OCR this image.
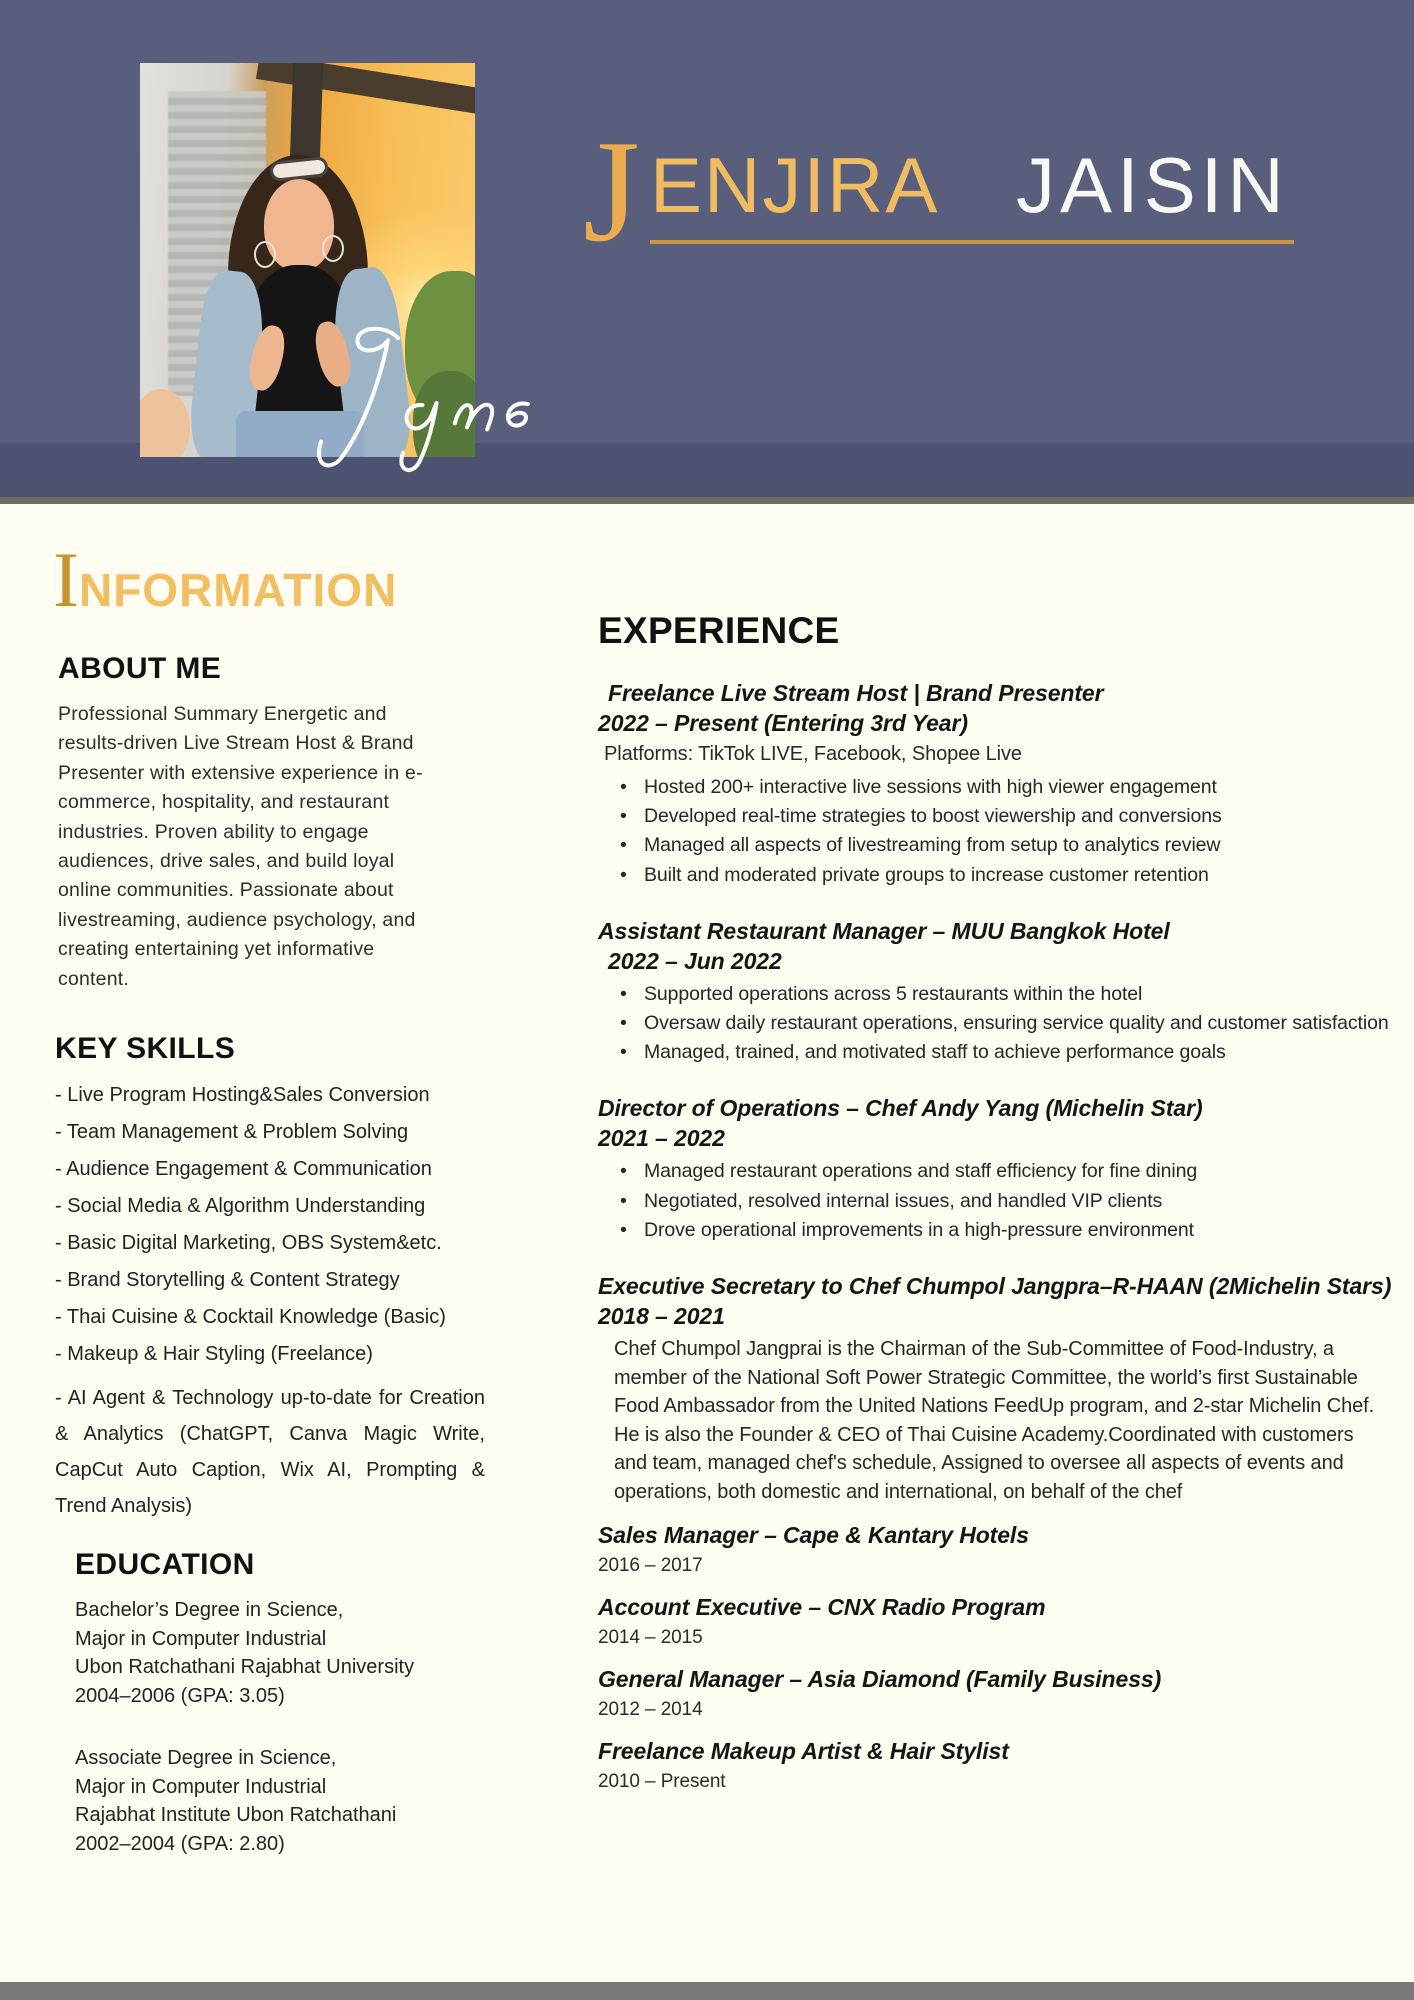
J ENJIRA JAISIN
I NFORMATION
ABOUT ME

Professional Summary Energetic and results-driven Live Stream Host & Brand Presenter with extensive experience in e-commerce, hospitality, and restaurant industries. Proven ability to engage audiences, drive sales, and build loyal online communities. Passionate about livestreaming, audience psychology, and creating entertaining yet informative content.

KEY SKILLS
- Live Program Hosting&Sales Conversion
- Team Management & Problem Solving
- Audience Engagement & Communication
- Social Media & Algorithm Understanding
- Basic Digital Marketing, OBS System&etc.
- Brand Storytelling & Content Strategy
- Thai Cuisine & Cocktail Knowledge (Basic)
- Makeup & Hair Styling (Freelance)
- AI Agent & Technology up-to-date for Creation & Analytics (ChatGPT, Canva Magic Write, CapCut Auto Caption, Wix AI, Prompting & Trend Analysis)
EDUCATION
Bachelor’s Degree in Science,
Major in Computer Industrial
Ubon Ratchathani Rajabhat University
2004–2006 (GPA: 3.05)
Associate Degree in Science,
Major in Computer Industrial
Rajabhat Institute Ubon Ratchathani
2002–2004 (GPA: 2.80)
EXPERIENCE
Freelance Live Stream Host | Brand Presenter
2022 – Present (Entering 3rd Year)
Platforms: TikTok LIVE, Facebook, Shopee Live
• Hosted 200+ interactive live sessions with high viewer engagement
• Developed real-time strategies to boost viewership and conversions
• Managed all aspects of livestreaming from setup to analytics review
• Built and moderated private groups to increase customer retention
Assistant Restaurant Manager – MUU Bangkok Hotel
2022 – Jun 2022
• Supported operations across 5 restaurants within the hotel
• Oversaw daily restaurant operations, ensuring service quality and customer satisfaction
• Managed, trained, and motivated staff to achieve performance goals
Director of Operations – Chef Andy Yang (Michelin Star)
2021 – 2022
• Managed restaurant operations and staff efficiency for fine dining
• Negotiated, resolved internal issues, and handled VIP clients
• Drove operational improvements in a high-pressure environment
Executive Secretary to Chef Chumpol Jangpra–R-HAAN (2Michelin Stars) 2018 – 2021

Chef Chumpol Jangprai is the Chairman of the Sub-Committee of Food-Industry, a member of the National Soft Power Strategic Committee, the world’s first Sustainable Food Ambassador from the United Nations FeedUp program, and 2-star Michelin Chef. He is also the Founder & CEO of Thai Cuisine Academy.Coordinated with customers and team, managed chef's schedule, Assigned to oversee all aspects of events and operations, both domestic and international, on behalf of the chef

Sales Manager – Cape & Kantary Hotels
2016 – 2017
Account Executive – CNX Radio Program
2014 – 2015
General Manager – Asia Diamond (Family Business)
2012 – 2014
Freelance Makeup Artist & Hair Stylist
2010 – Present
